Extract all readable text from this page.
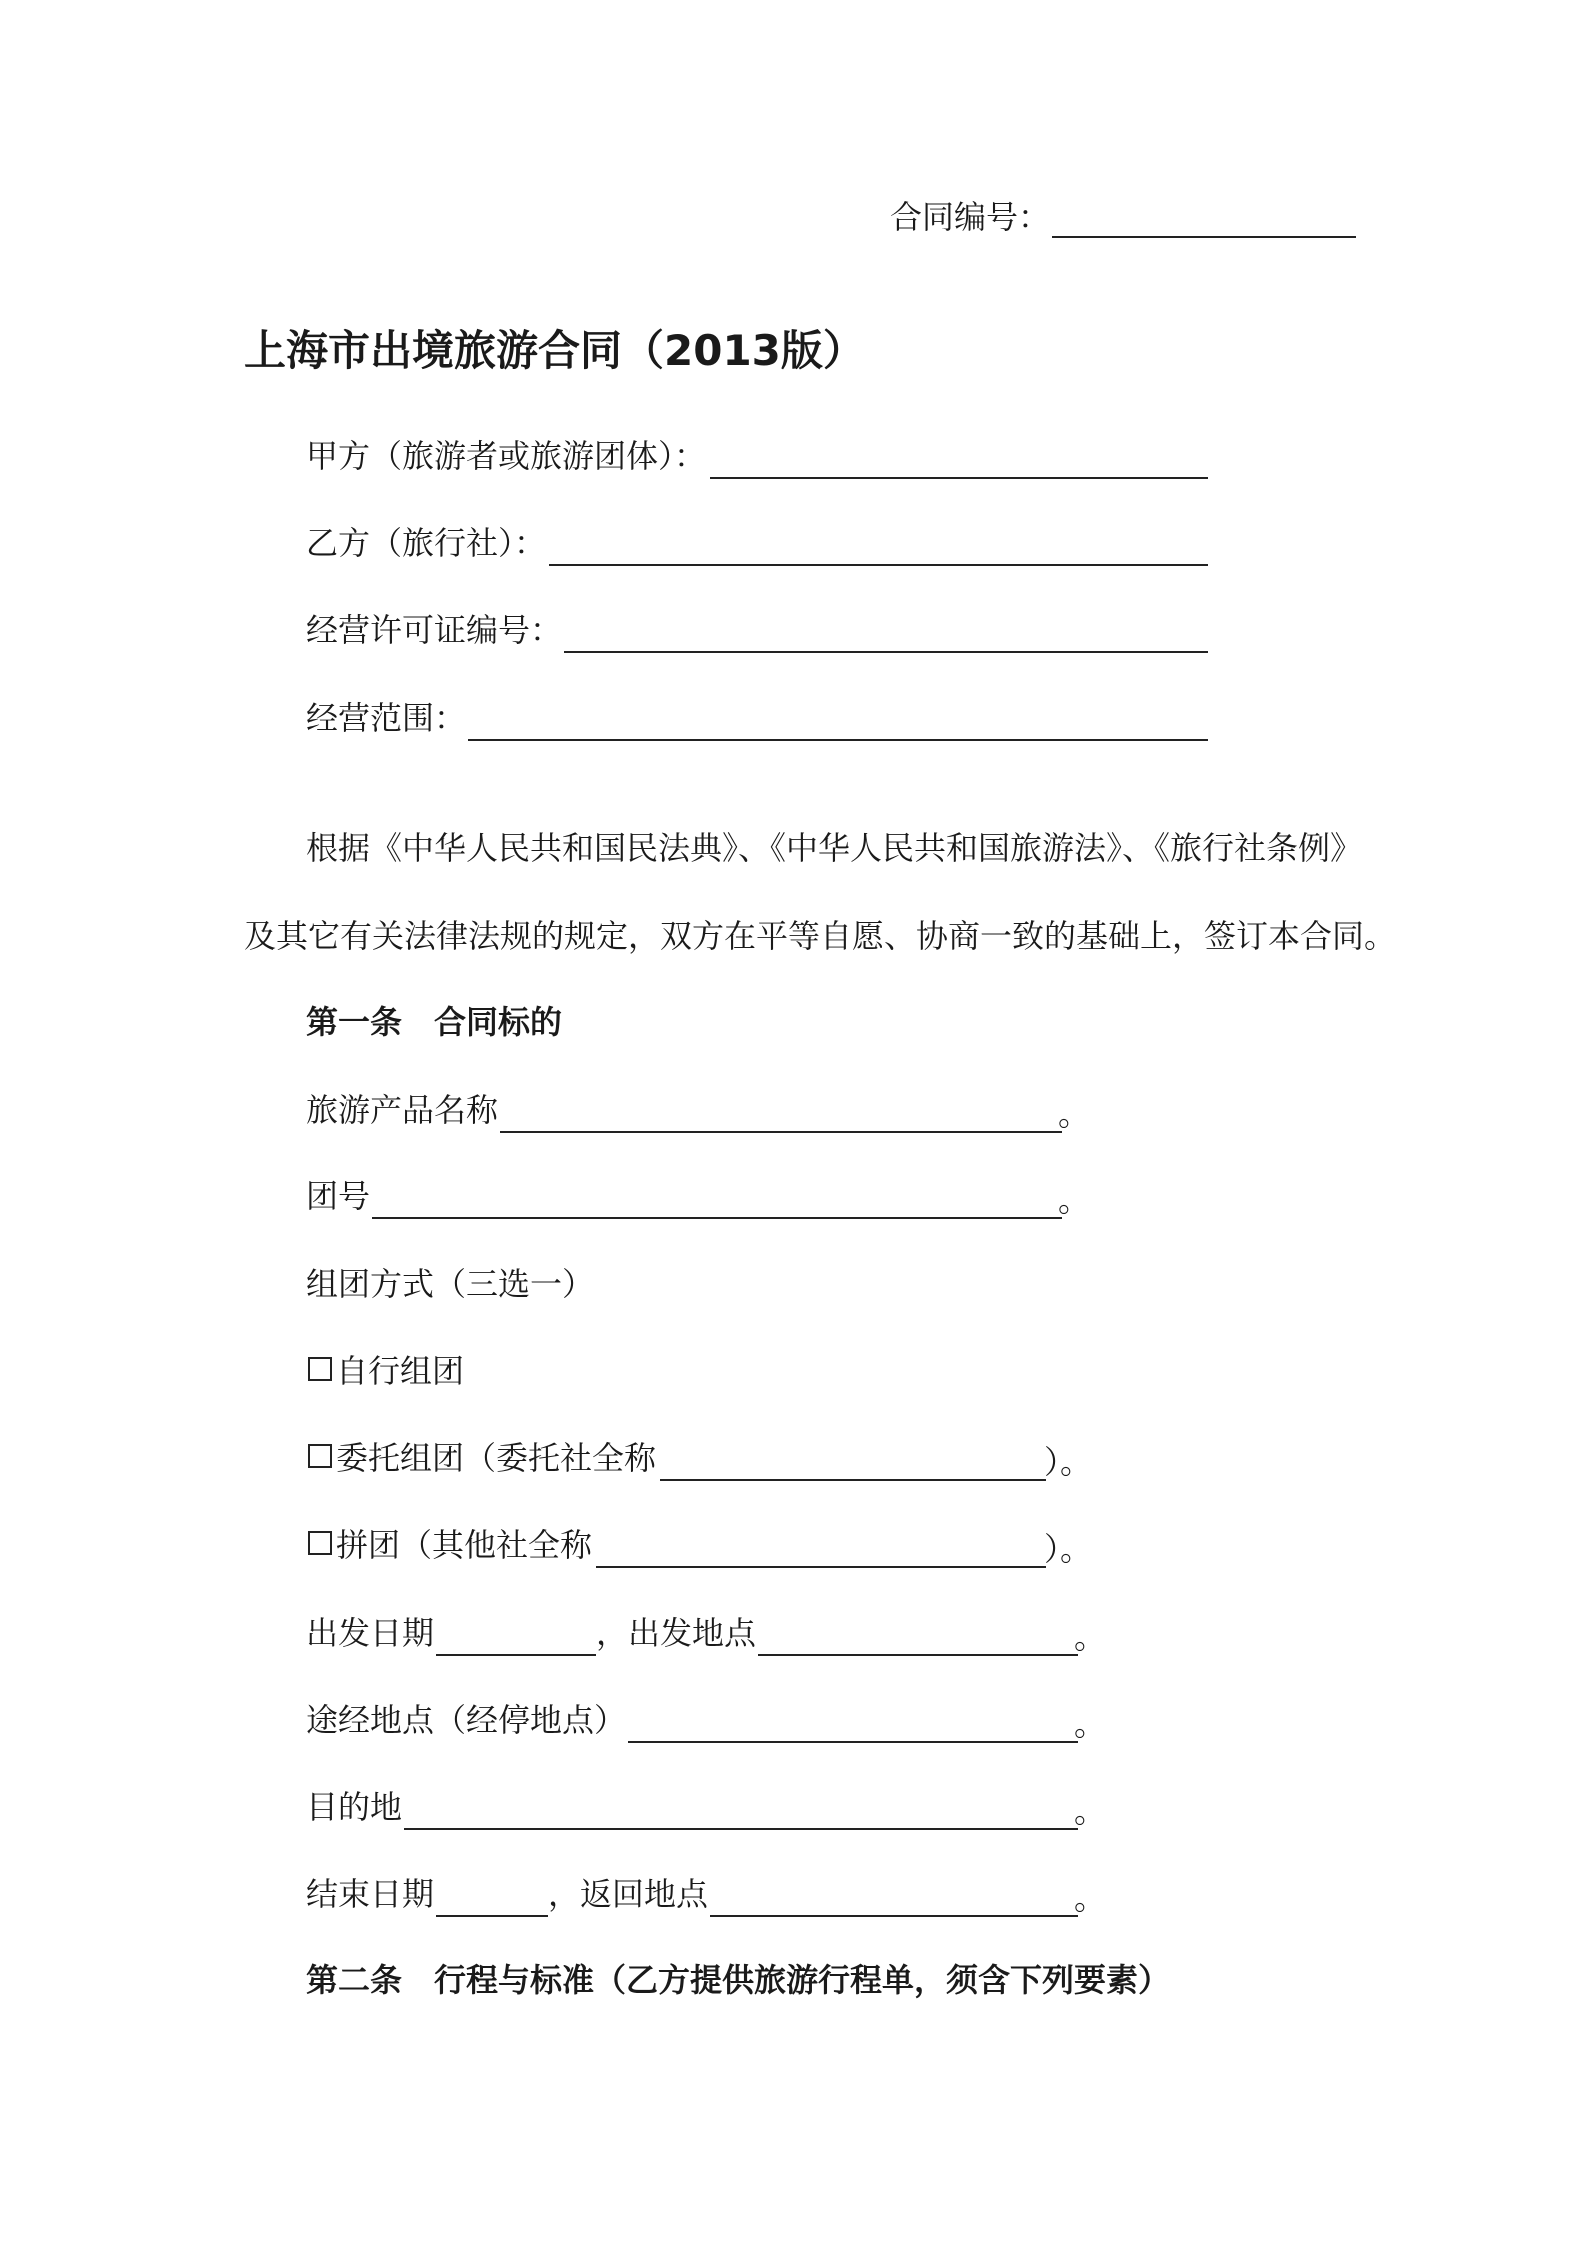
合同编号：
上海市出境旅游合同（2013版）
甲方（旅游者或旅游团体）：
乙方（旅行社）：
经营许可证编号：
经营范围：
根据《中华人民共和国民法典》、《中华人民共和国旅游法》、《旅行社条例》
及其它有关法律法规的规定，双方在平等自愿、协商一致的基础上，签订本合同。
第一条　合同标的
旅游产品名称	。
团号	。
组团方式（三选一）
自行组团
委托组团（委托社全称	）。
拼团（其他社全称	）。
出发日期	，出发地点	。
途经地点（经停地点）	。
目的地	。
结束日期	，返回地点	。
第二条　行程与标准（乙方提供旅游行程单，须含下列要素）
